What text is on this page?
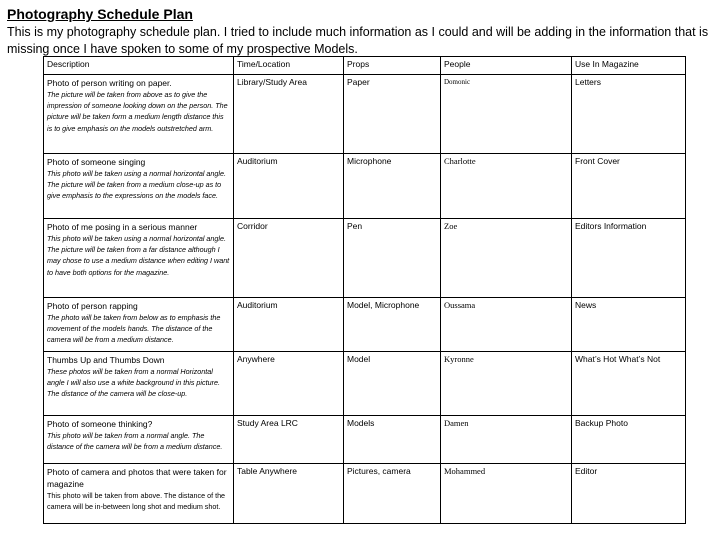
Photography Schedule Plan
This is my photography schedule plan. I tried to include much information as I could and will be adding in the information that is missing once I have spoken to some of my prospective Models.
Description	Time/Location	Props	People	Use In Magazine

Photo of person writing on paper.
The picture will be taken from above as to give the impression of someone looking down on the person. The picture will be taken form a medium length distance this is to give emphasis on the models outstretched arm.	Library/Study Area	Paper	Domonic	Letters

Photo of someone singing
This photo will be taken using a normal horizontal angle. The picture will be taken from a medium close-up as to give emphasis to the expressions on the models face.	Auditorium	Microphone	Charlotte	Front Cover

Photo of me posing in a serious manner
This photo will be taken using a normal horizontal angle. The picture will be taken from a far distance although I may chose to use a medium distance when editing I want to have both options for the magazine.	Corridor	Pen	Zoe	Editors Information

Photo of person rapping
The photo will be taken from below as to emphasis the movement of the models hands. The distance of the camera will be from a medium distance.	Auditorium	Model, Microphone	Oussama	News

Thumbs Up and Thumbs Down
These photos will be taken from a normal Horizontal angle I will also use a white background in this picture. The distance of the camera will be close-up.	Anywhere	Model	Kyronne	What’s Hot What’s Not

Photo of someone thinking?
This photo will be taken from a normal angle. The distance of the camera will be from a medium distance.	Study Area LRC	Models	Damen	Backup Photo

Photo of camera and photos that were taken for magazine
This photo will be taken from above. The distance of the camera will be in-between long shot and medium shot.	Table Anywhere	Pictures, camera	Mohammed	Editor
